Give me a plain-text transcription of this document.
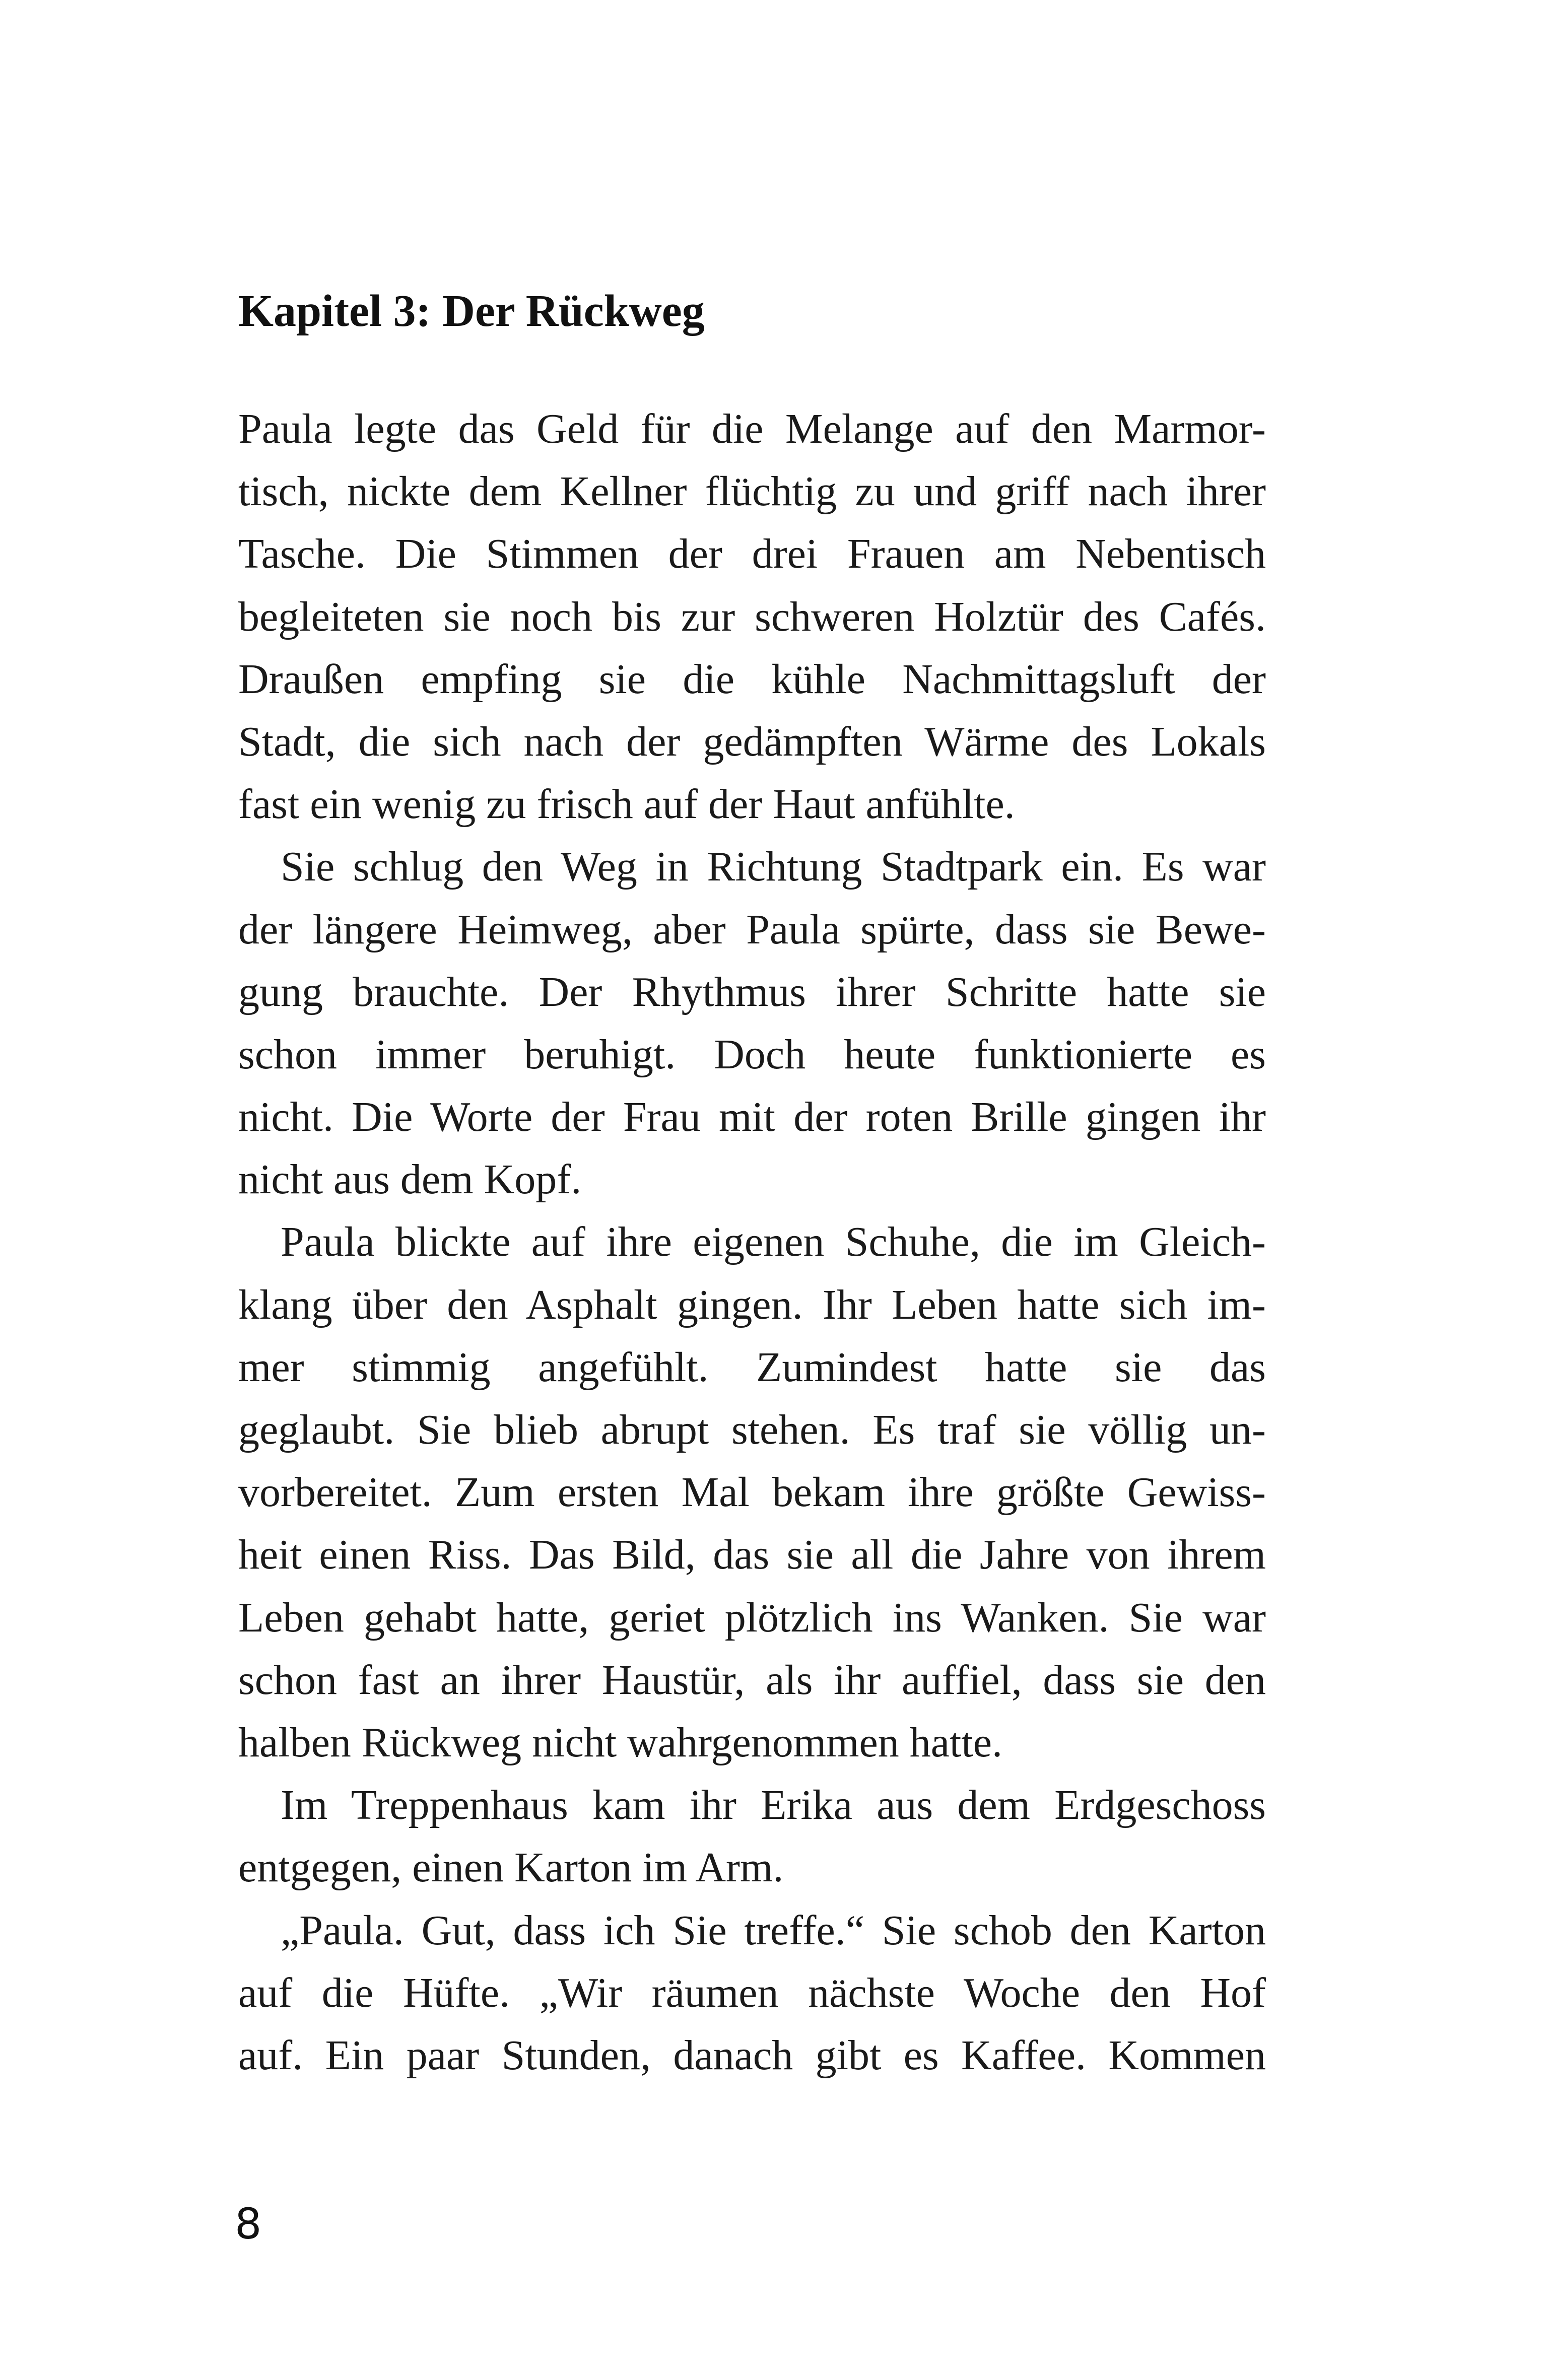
Kapitel 3: Der Rückweg
Paula legte das Geld für die Melange auf den Marmor-
tisch, nickte dem Kellner flüchtig zu und griff nach ihrer
Tasche. Die Stimmen der drei Frauen am Nebentisch
begleiteten sie noch bis zur schweren Holztür des Cafés.
Draußen empfing sie die kühle Nachmittagsluft der
Stadt, die sich nach der gedämpften Wärme des Lokals
fast ein wenig zu frisch auf der Haut anfühlte.
Sie schlug den Weg in Richtung Stadtpark ein. Es war
der längere Heimweg, aber Paula spürte, dass sie Bewe-
gung brauchte. Der Rhythmus ihrer Schritte hatte sie
schon immer beruhigt. Doch heute funktionierte es
nicht. Die Worte der Frau mit der roten Brille gingen ihr
nicht aus dem Kopf.
Paula blickte auf ihre eigenen Schuhe, die im Gleich-
klang über den Asphalt gingen. Ihr Leben hatte sich im-
mer stimmig angefühlt. Zumindest hatte sie das
geglaubt. Sie blieb abrupt stehen. Es traf sie völlig un-
vorbereitet. Zum ersten Mal bekam ihre größte Gewiss-
heit einen Riss. Das Bild, das sie all die Jahre von ihrem
Leben gehabt hatte, geriet plötzlich ins Wanken. Sie war
schon fast an ihrer Haustür, als ihr auffiel, dass sie den
halben Rückweg nicht wahrgenommen hatte.
Im Treppenhaus kam ihr Erika aus dem Erdgeschoss
entgegen, einen Karton im Arm.
„Paula. Gut, dass ich Sie treffe.“ Sie schob den Karton
auf die Hüfte. „Wir räumen nächste Woche den Hof
auf. Ein paar Stunden, danach gibt es Kaffee. Kommen
8
